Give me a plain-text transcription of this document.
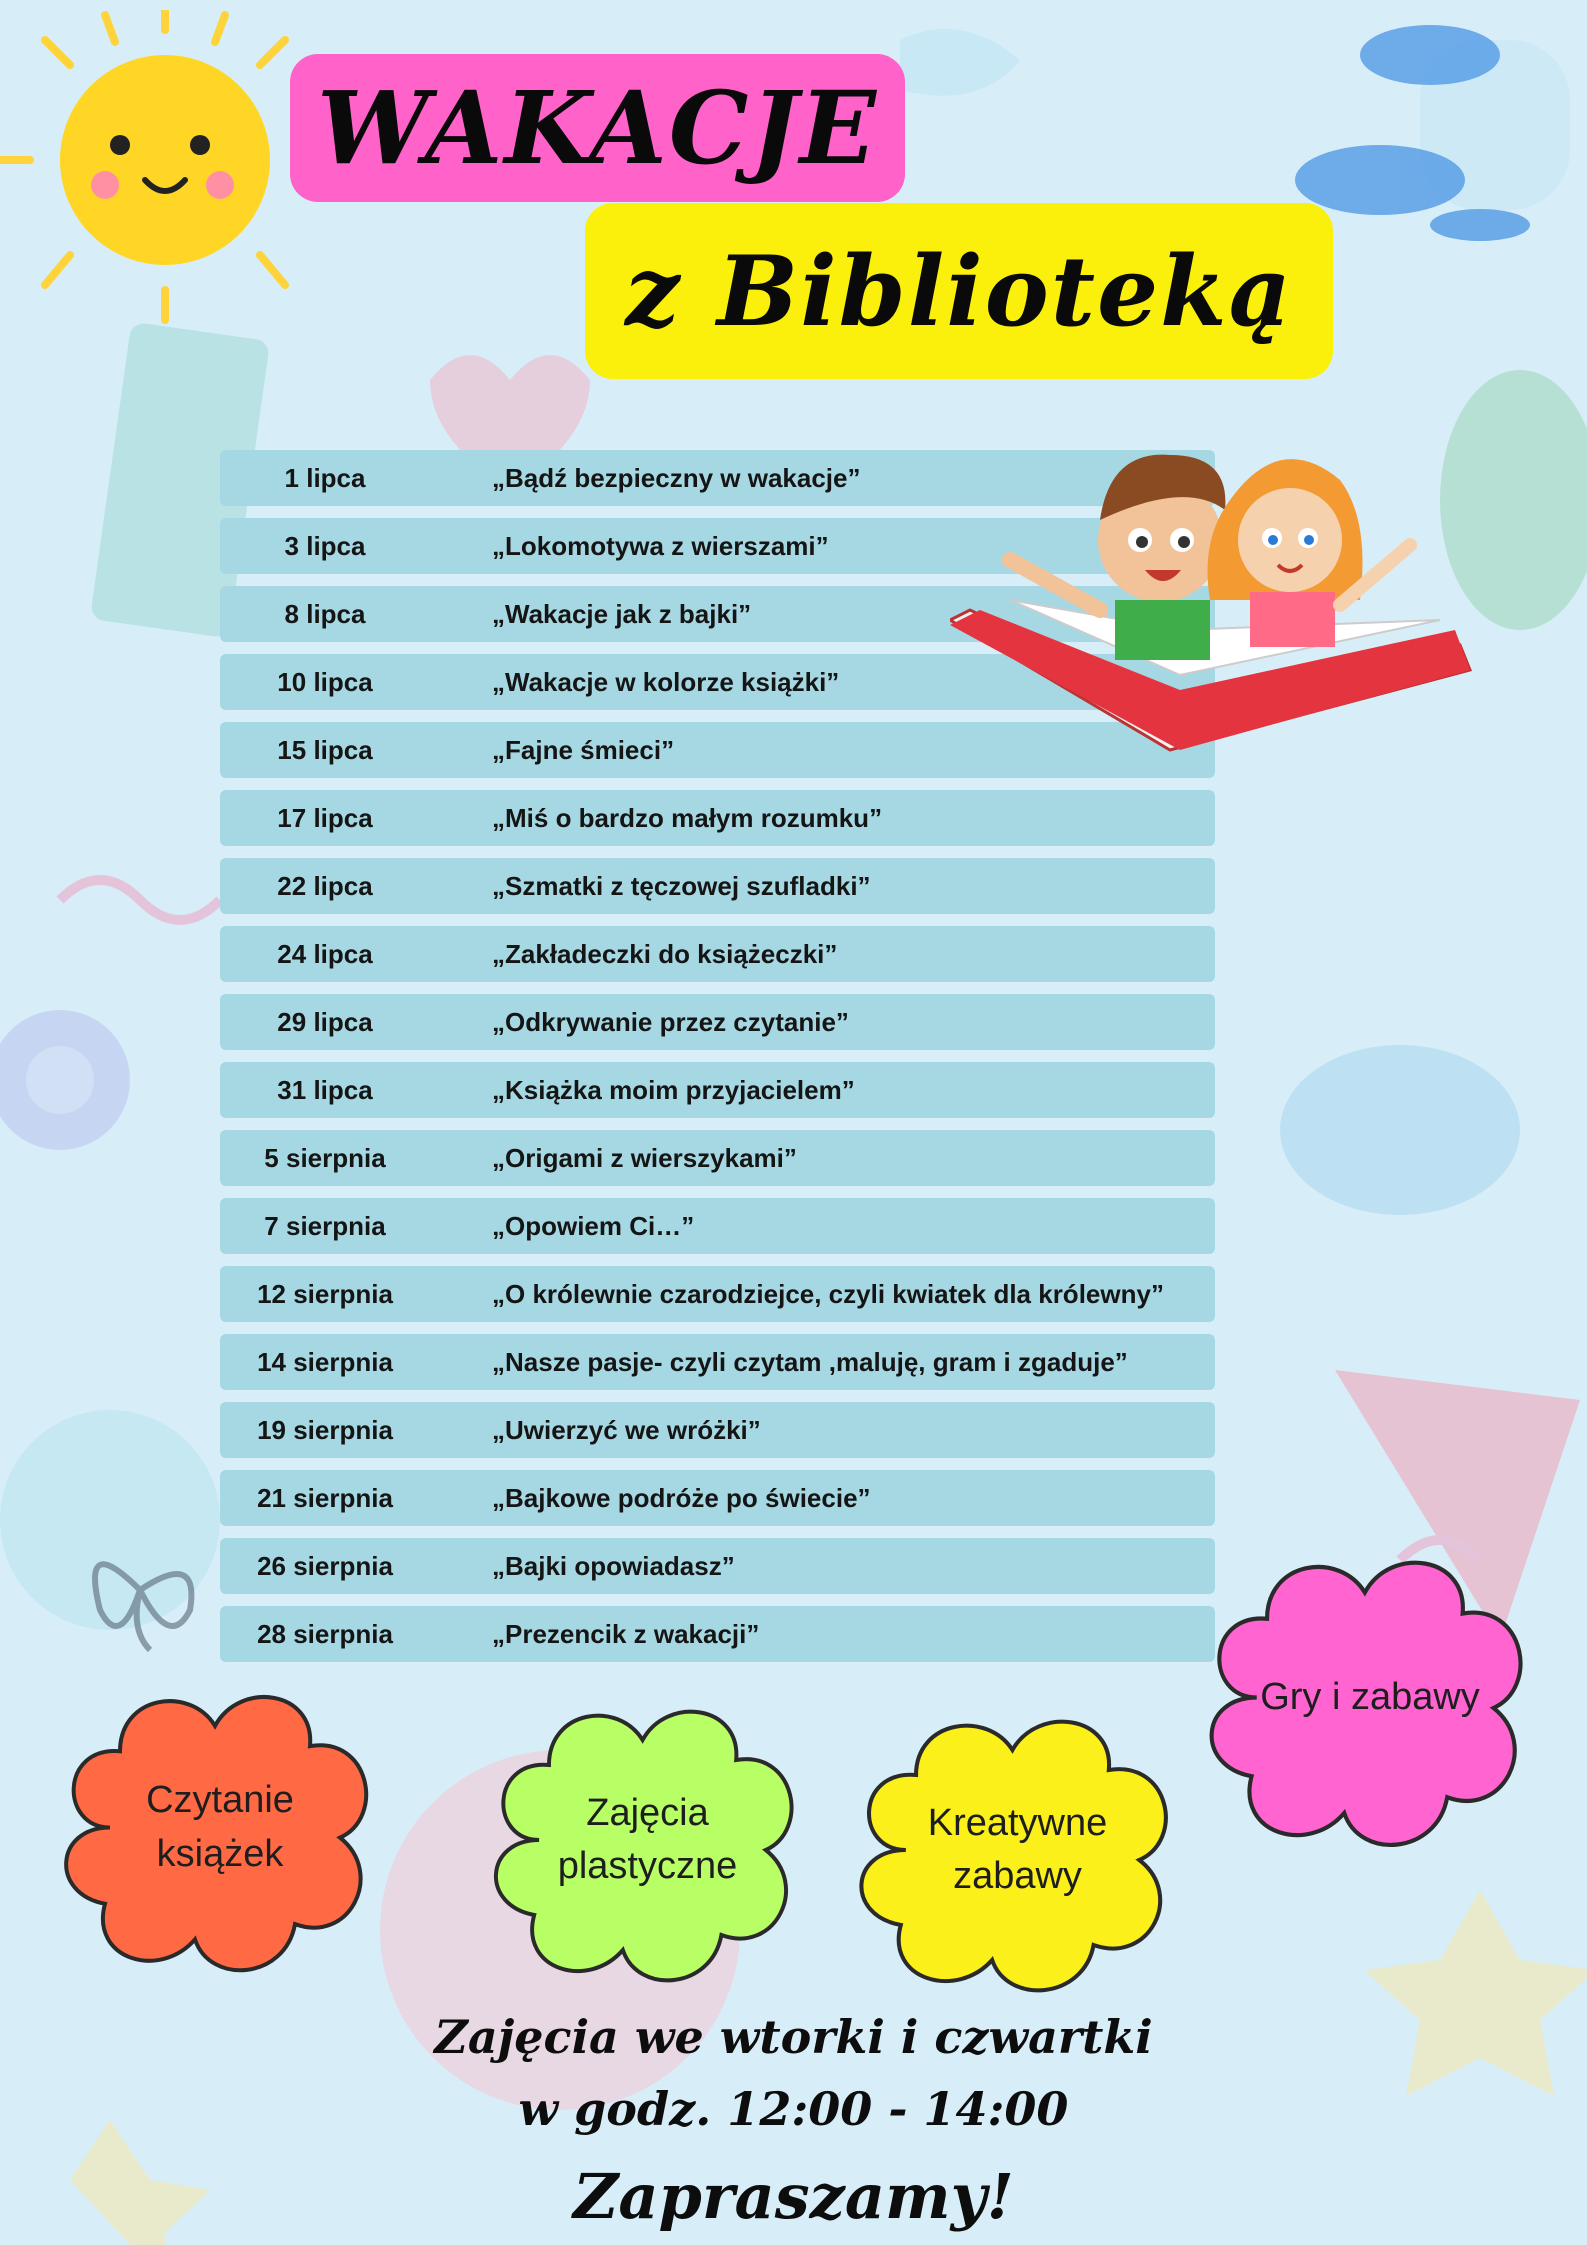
WAKACJE
z Biblioteką
1 lipca	„Bądź bezpieczny w wakacje”
3 lipca	„Lokomotywa z wierszami”
8 lipca	„Wakacje jak z bajki”
10 lipca	„Wakacje w kolorze książki”
15 lipca	„Fajne śmieci”
17 lipca	„Miś o bardzo małym rozumku”
22 lipca	„Szmatki z tęczowej szufladki”
24 lipca	„Zakładeczki do książeczki”
29 lipca	„Odkrywanie przez czytanie”
31 lipca	„Książka moim przyjacielem”
5 sierpnia	„Origami z wierszykami”
7 sierpnia	„Opowiem Ci…”
12 sierpnia	„O królewnie czarodziejce, czyli kwiatek dla królewny”
14 sierpnia	„Nasze pasje- czyli czytam ,maluję, gram i zgaduje”
19 sierpnia	„Uwierzyć we wróżki”
21 sierpnia	„Bajkowe podróże po świecie”
26 sierpnia	„Bajki opowiadasz”
28 sierpnia	„Prezencik z wakacji”
Czytanie
książek
Zajęcia
plastyczne
Kreatywne
zabawy
Gry i zabawy
Zajęcia we wtorki i czwartki
w godz. 12:00 - 14:00
Zapraszamy!
